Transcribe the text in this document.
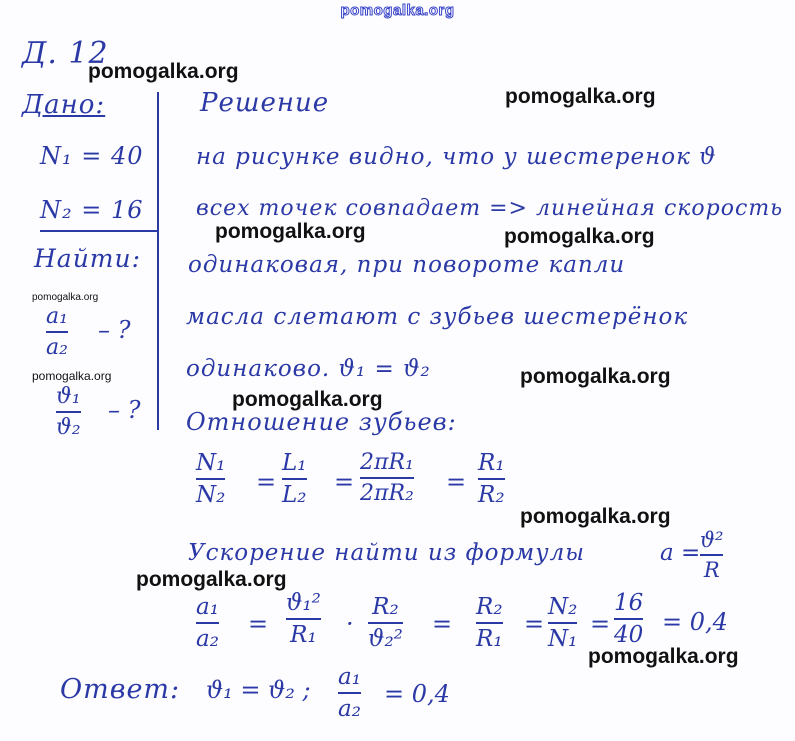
pomogalka.org
Д. 12
Дано:
N₁ = 40
N₂ = 16
Найти:
a₁
a₂
– ?
ϑ₁
ϑ₂
– ?
Решение
на рисунке видно, что у шестеренок ϑ
всех точек совпадает => линейная скорость
одинаковая, при повороте капли
масла слетают с зубьев шестерёнок
одинаково. ϑ₁ = ϑ₂
Отношение зубьев:
N₁
N₂ =
L₁
L₂ =
2πR₁
2πR₂ =
R₁
R₂
Ускорение найти из формулы	a = ϑ²
R
a₁
a₂
=
ϑ₁²
R₁ ·
R₂
ϑ₂²
=
R₂
R₁
=
N₂
N₁
=
16
40 = 0,4
Ответ: ϑ₁ = ϑ₂ ; a₁
a₂
= 0,4
pomogalka.org
pomogalka.org
pomogalka.org	pomogalka.org
pomogalka.org
pomogalka.org	pomogalka.org
pomogalka.org
pomogalka.org
pomogalka.org
pomogalka.org
